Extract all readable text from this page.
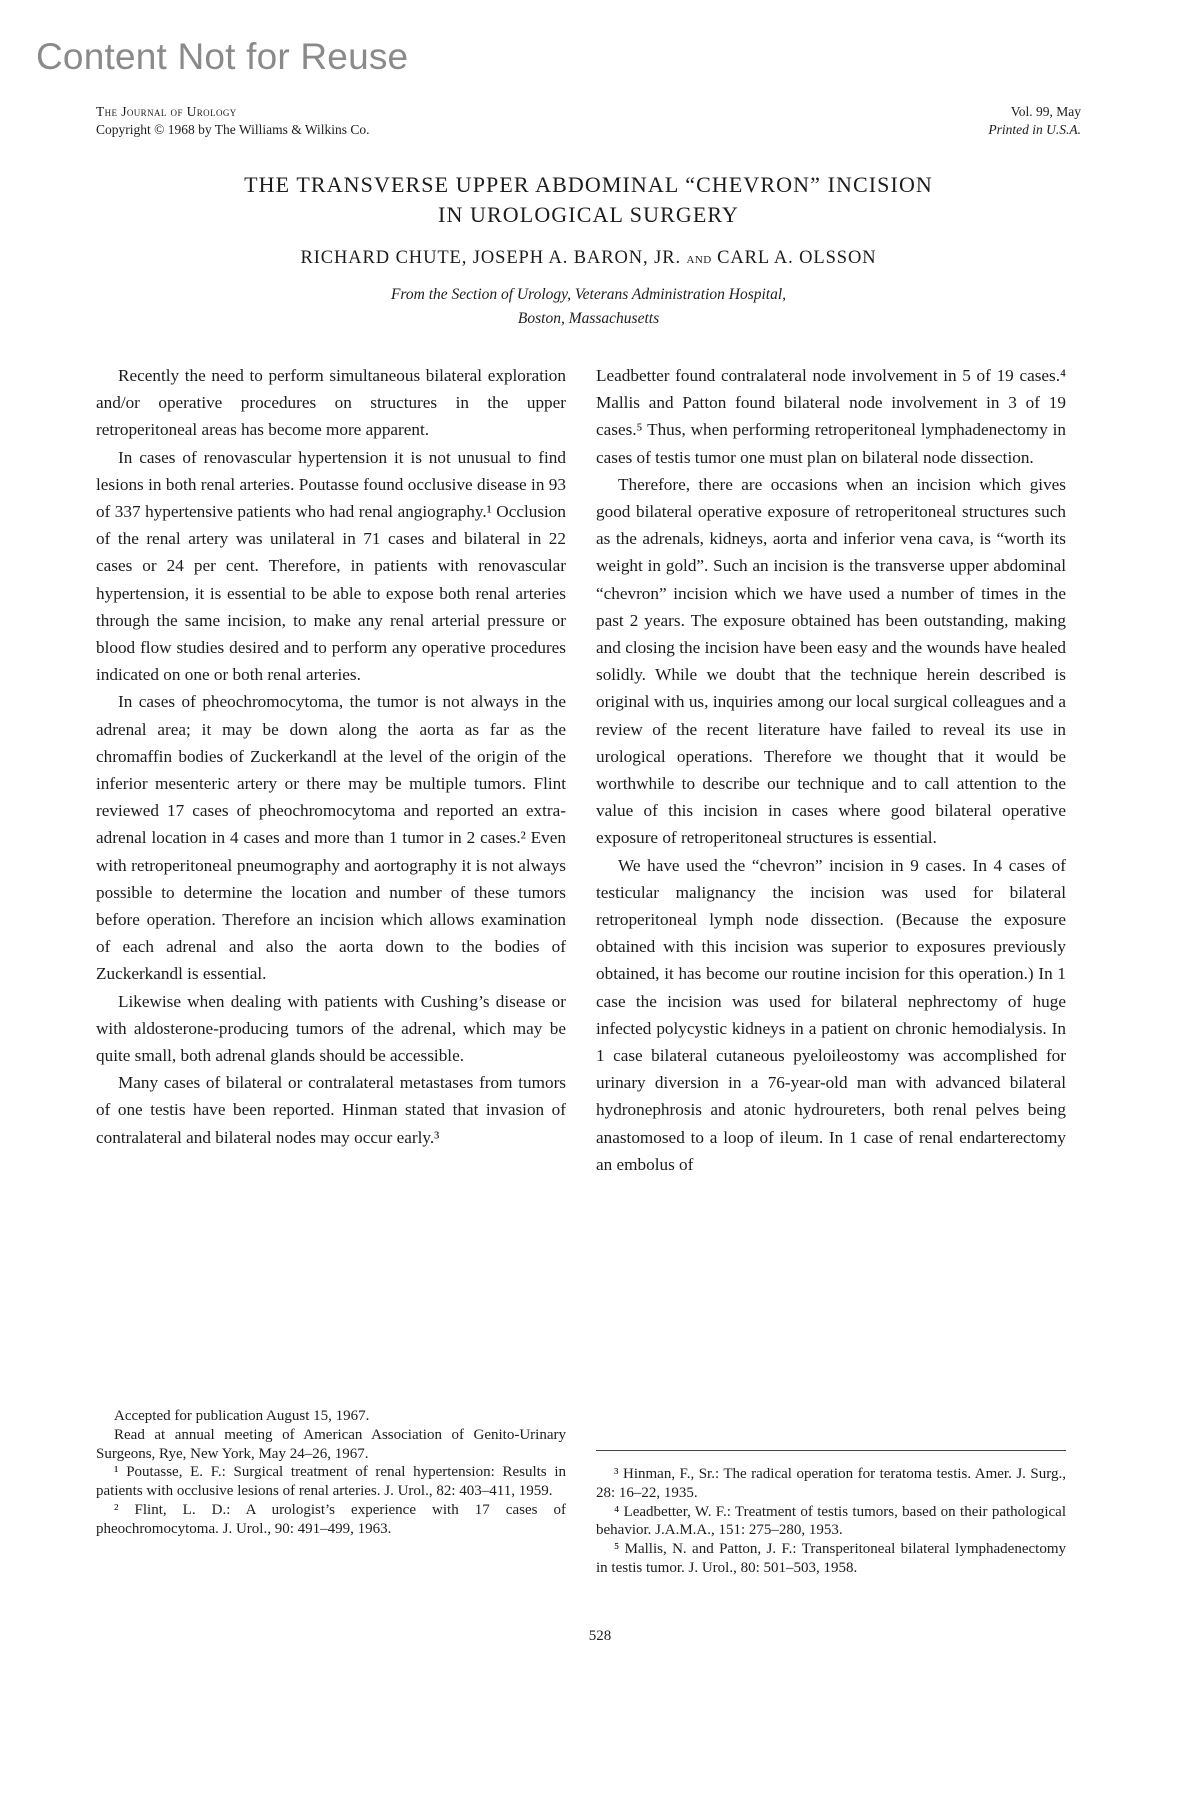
Content Not for Reuse
The Journal of Urology
Copyright © 1968 by The Williams & Wilkins Co.
Vol. 99, May
Printed in U.S.A.
THE TRANSVERSE UPPER ABDOMINAL “CHEVRON” INCISION
IN UROLOGICAL SURGERY
RICHARD CHUTE, JOSEPH A. BARON, JR. and CARL A. OLSSON
From the Section of Urology, Veterans Administration Hospital,
Boston, Massachusetts

Recently the need to perform simultaneous bilateral exploration and/or operative procedures on structures in the upper retroperitoneal areas has become more apparent.

In cases of renovascular hypertension it is not unusual to find lesions in both renal arteries. Poutasse found occlusive disease in 93 of 337 hypertensive patients who had renal angiography.¹ Occlusion of the renal artery was unilateral in 71 cases and bilateral in 22 cases or 24 per cent. Therefore, in patients with renovascular hypertension, it is essential to be able to expose both renal arteries through the same incision, to make any renal arterial pressure or blood flow studies desired and to perform any operative procedures indicated on one or both renal arteries.

In cases of pheochromocytoma, the tumor is not always in the adrenal area; it may be down along the aorta as far as the chromaffin bodies of Zuckerkandl at the level of the origin of the inferior mesenteric artery or there may be multiple tumors. Flint reviewed 17 cases of pheochromocytoma and reported an extra-adrenal location in 4 cases and more than 1 tumor in 2 cases.² Even with retroperitoneal pneumography and aortography it is not always possible to determine the location and number of these tumors before operation. Therefore an incision which allows examination of each adrenal and also the aorta down to the bodies of Zuckerkandl is essential.

Likewise when dealing with patients with Cushing’s disease or with aldosterone-producing tumors of the adrenal, which may be quite small, both adrenal glands should be accessible.

Many cases of bilateral or contralateral metastases from tumors of one testis have been reported. Hinman stated that invasion of contralateral and bilateral nodes may occur early.³

Leadbetter found contralateral node involvement in 5 of 19 cases.⁴ Mallis and Patton found bilateral node involvement in 3 of 19 cases.⁵ Thus, when performing retroperitoneal lymphadenectomy in cases of testis tumor one must plan on bilateral node dissection.

Therefore, there are occasions when an incision which gives good bilateral operative exposure of retroperitoneal structures such as the adrenals, kidneys, aorta and inferior vena cava, is “worth its weight in gold”. Such an incision is the transverse upper abdominal “chevron” incision which we have used a number of times in the past 2 years. The exposure obtained has been outstanding, making and closing the incision have been easy and the wounds have healed solidly. While we doubt that the technique herein described is original with us, inquiries among our local surgical colleagues and a review of the recent literature have failed to reveal its use in urological operations. Therefore we thought that it would be worthwhile to describe our technique and to call attention to the value of this incision in cases where good bilateral operative exposure of retroperitoneal structures is essential.

We have used the “chevron” incision in 9 cases. In 4 cases of testicular malignancy the incision was used for bilateral retroperitoneal lymph node dissection. (Because the exposure obtained with this incision was superior to exposures previously obtained, it has become our routine incision for this operation.) In 1 case the incision was used for bilateral nephrectomy of huge infected polycystic kidneys in a patient on chronic hemodialysis. In 1 case bilateral cutaneous pyeloileostomy was accomplished for urinary diversion in a 76-year-old man with advanced bilateral hydronephrosis and atonic hydroureters, both renal pelves being anastomosed to a loop of ileum. In 1 case of renal endarterectomy an embolus of

Accepted for publication August 15, 1967.
Read at annual meeting of American Association of Genito-Urinary Surgeons, Rye, New York, May 24–26, 1967.
¹ Poutasse, E. F.: Surgical treatment of renal hypertension: Results in patients with occlusive lesions of renal arteries. J. Urol., 82: 403–411, 1959.
² Flint, L. D.: A urologist’s experience with 17 cases of pheochromocytoma. J. Urol., 90: 491–499, 1963.
³ Hinman, F., Sr.: The radical operation for teratoma testis. Amer. J. Surg., 28: 16–22, 1935.
⁴ Leadbetter, W. F.: Treatment of testis tumors, based on their pathological behavior. J.A.M.A., 151: 275–280, 1953.
⁵ Mallis, N. and Patton, J. F.: Transperitoneal bilateral lymphadenectomy in testis tumor. J. Urol., 80: 501–503, 1958.
528
